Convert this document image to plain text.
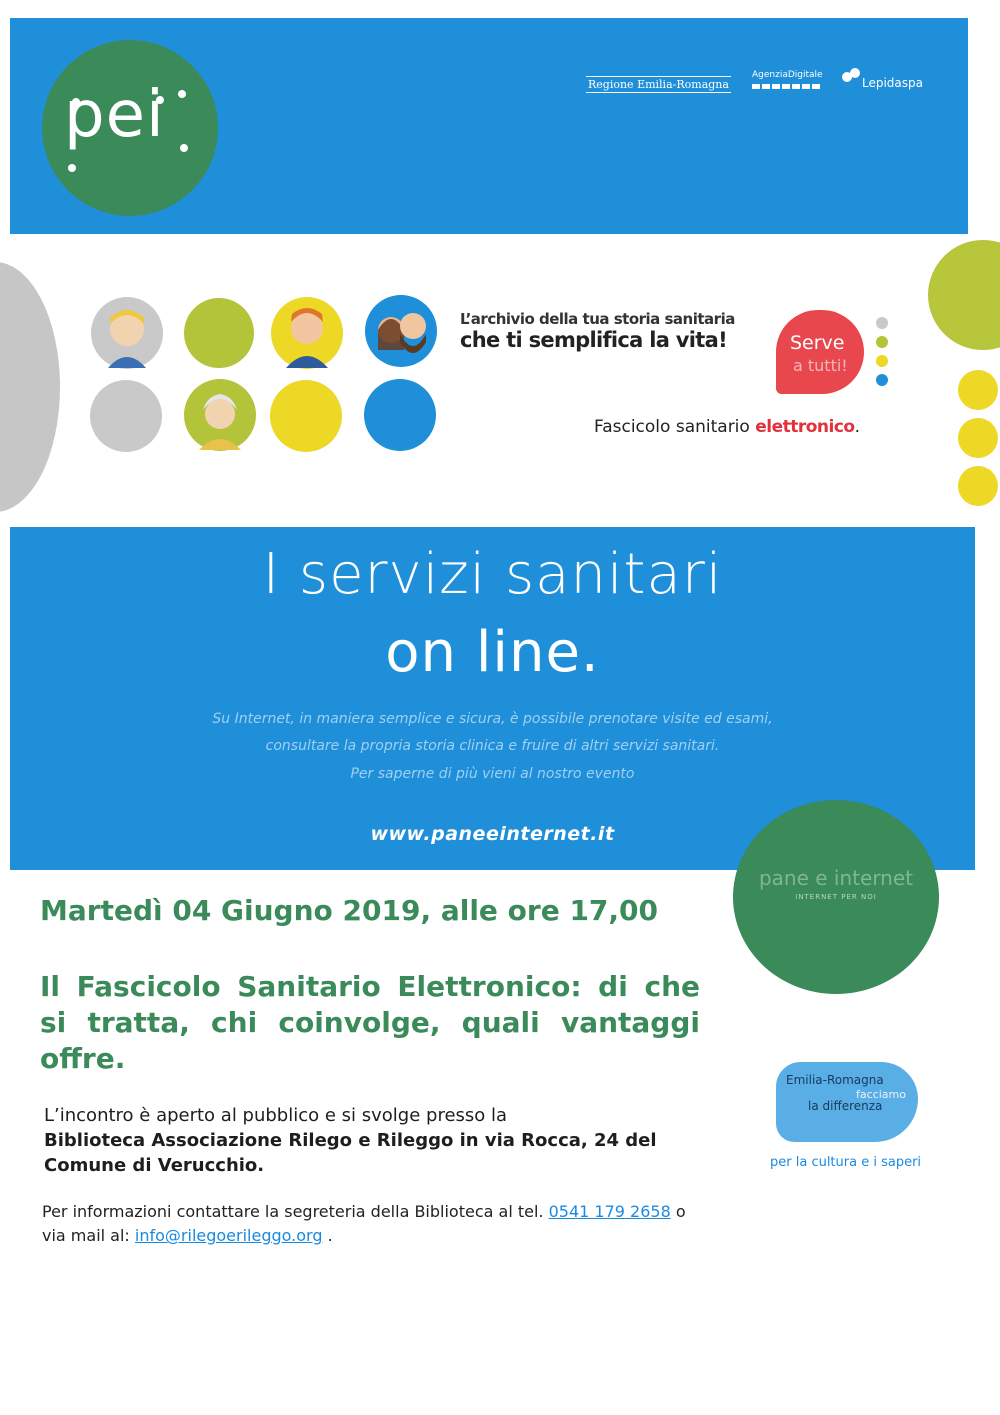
pei	Regione Emilia-Romagna
AgenziaDigitale
Lepidaspa
L’archivio della tua storia sanitaria
che ti semplifica la vita!	Serve
a tutti!
Fascicolo sanitario elettronico.
I servizi sanitari
on line.
Su Internet, in maniera semplice e sicura, è possibile prenotare visite ed esami,
consultare la propria storia clinica e fruire di altri servizi sanitari.
Per saperne di più vieni al nostro evento
www.paneeinternet.it
pane e internet
INTERNET PER NOI
Martedì 04 Giugno 2019, alle ore 17,00
Il Fascicolo Sanitario Elettronico: di che si tratta, chi coinvolge, quali vantaggi offre.
L’incontro è aperto al pubblico e si svolge presso la
Biblioteca Associazione Rilego e Rileggo in via Rocca, 24 del
Comune di Verucchio.
Per informazioni contattare la segreteria della Biblioteca al tel. 0541 179 2658 o via mail al: info@rilegoerileggo.org .
Emilia-Romagna
facciamo
la differenza
per la cultura e i saperi
